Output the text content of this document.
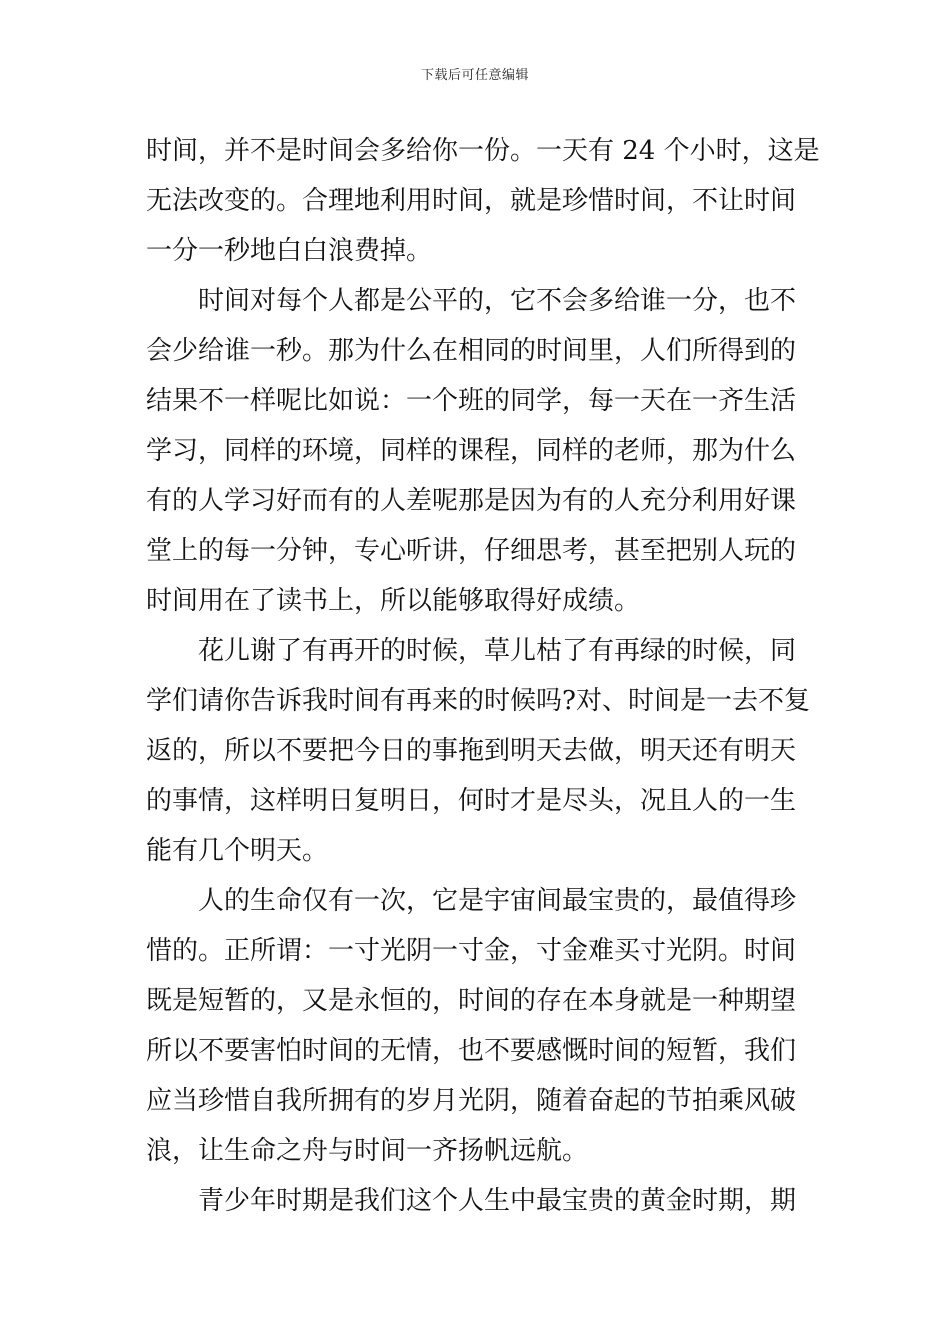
下载后可任意编辑
时间，并不是时间会多给你一份。一天有 24 个小时，这是
无法改变的。合理地利用时间，就是珍惜时间，不让时间
一分一秒地白白浪费掉。
时间对每个人都是公平的，它不会多给谁一分，也不
会少给谁一秒。那为什么在相同的时间里，人们所得到的
结果不一样呢比如说：一个班的同学，每一天在一齐生活
学习，同样的环境，同样的课程，同样的老师，那为什么
有的人学习好而有的人差呢那是因为有的人充分利用好课
堂上的每一分钟，专心听讲，仔细思考，甚至把别人玩的
时间用在了读书上，所以能够取得好成绩。
花儿谢了有再开的时候，草儿枯了有再绿的时候，同
学们请你告诉我时间有再来的时候吗?对、时间是一去不复
返的，所以不要把今日的事拖到明天去做，明天还有明天
的事情，这样明日复明日，何时才是尽头，况且人的一生
能有几个明天。
人的生命仅有一次，它是宇宙间最宝贵的，最值得珍
惜的。正所谓：一寸光阴一寸金，寸金难买寸光阴。时间
既是短暂的，又是永恒的，时间的存在本身就是一种期望
所以不要害怕时间的无情，也不要感慨时间的短暂，我们
应当珍惜自我所拥有的岁月光阴，随着奋起的节拍乘风破
浪，让生命之舟与时间一齐扬帆远航。
青少年时期是我们这个人生中最宝贵的黄金时期，期
